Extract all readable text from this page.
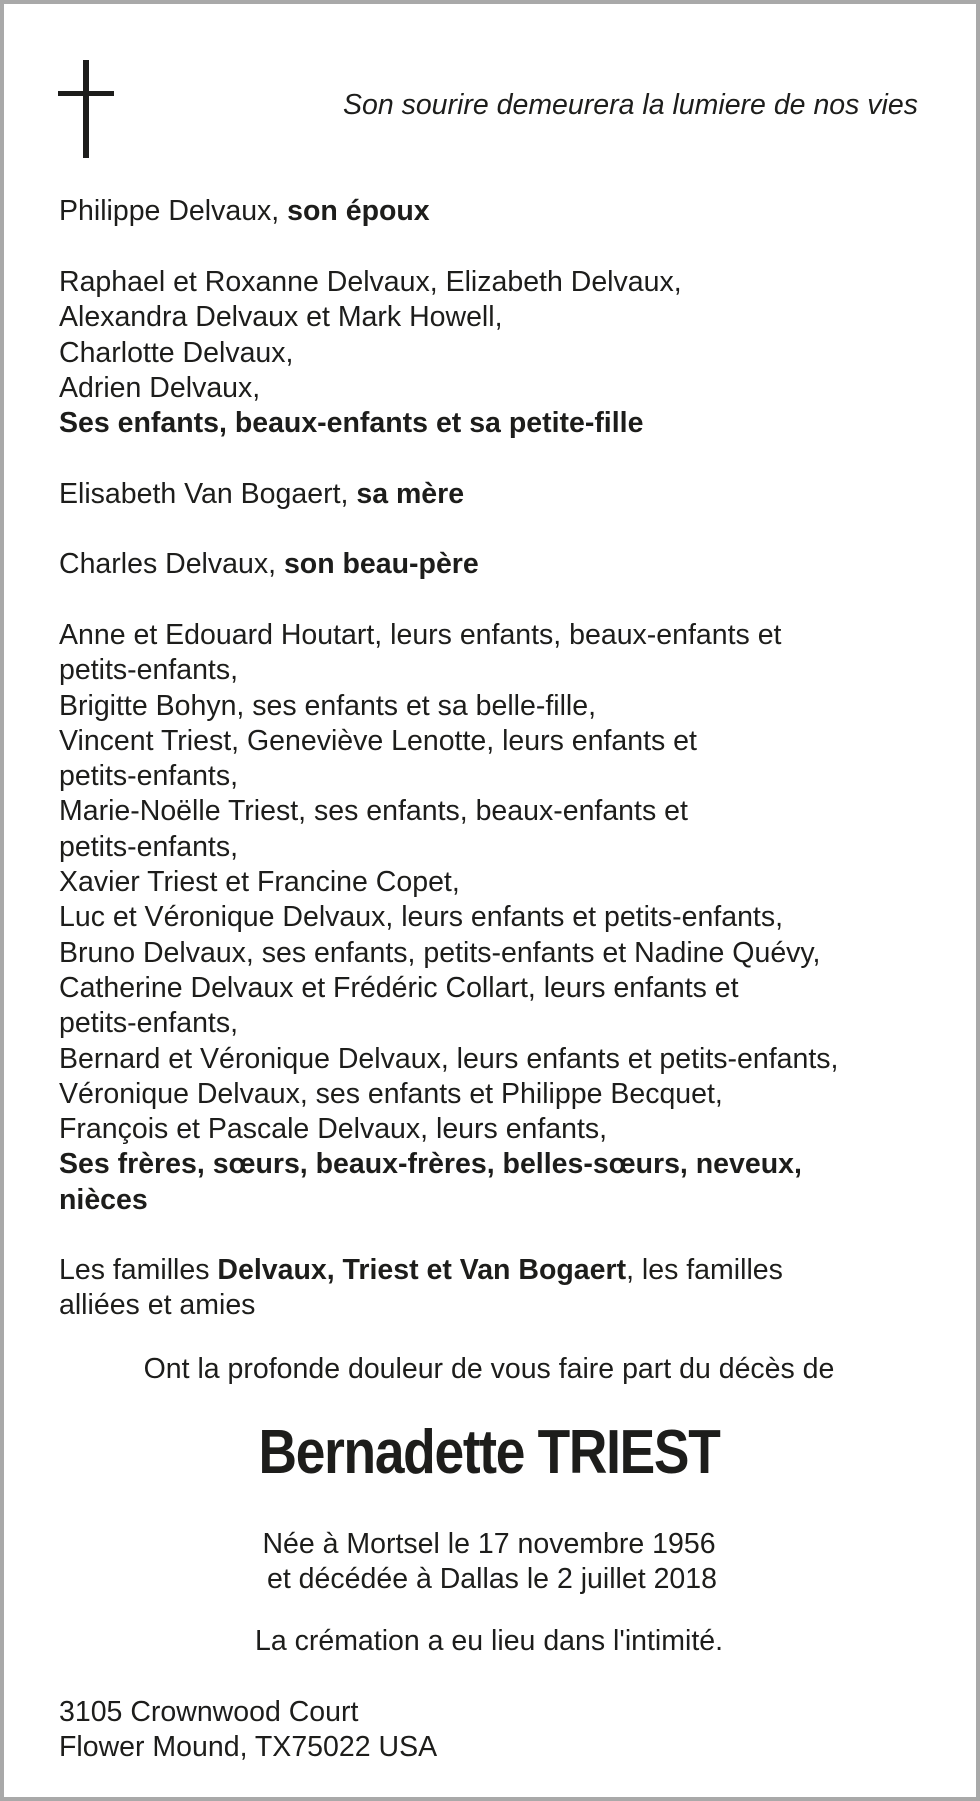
Son sourire demeurera la lumiere de nos vies
Philippe Delvaux, son époux
Raphael et Roxanne Delvaux, Elizabeth Delvaux,
Alexandra Delvaux et Mark Howell,
Charlotte Delvaux,
Adrien Delvaux,
Ses enfants, beaux-enfants et sa petite-fille
Elisabeth Van Bogaert, sa mère
Charles Delvaux, son beau-père
Anne et Edouard Houtart, leurs enfants, beaux-enfants et
petits-enfants,
Brigitte Bohyn, ses enfants et sa belle-fille,
Vincent Triest, Geneviève Lenotte, leurs enfants et
petits-enfants,
Marie-Noëlle Triest, ses enfants, beaux-enfants et
petits-enfants,
Xavier Triest et Francine Copet,
Luc et Véronique Delvaux, leurs enfants et petits-enfants,
Bruno Delvaux, ses enfants, petits-enfants et Nadine Quévy,
Catherine Delvaux et Frédéric Collart, leurs enfants et
petits-enfants,
Bernard et Véronique Delvaux, leurs enfants et petits-enfants,
Véronique Delvaux, ses enfants et Philippe Becquet,
François et Pascale Delvaux, leurs enfants,
Ses frères, sœurs, beaux-frères, belles-sœurs, neveux,
nièces
Les familles Delvaux, Triest et Van Bogaert, les familles
alliées et amies
Ont la profonde douleur de vous faire part du décès de
Bernadette TRIEST
Née à Mortsel le 17 novembre 1956
et décédée à Dallas le 2 juillet 2018
La crémation a eu lieu dans l'intimité.
3105 Crownwood Court
Flower Mound, TX75022 USA
